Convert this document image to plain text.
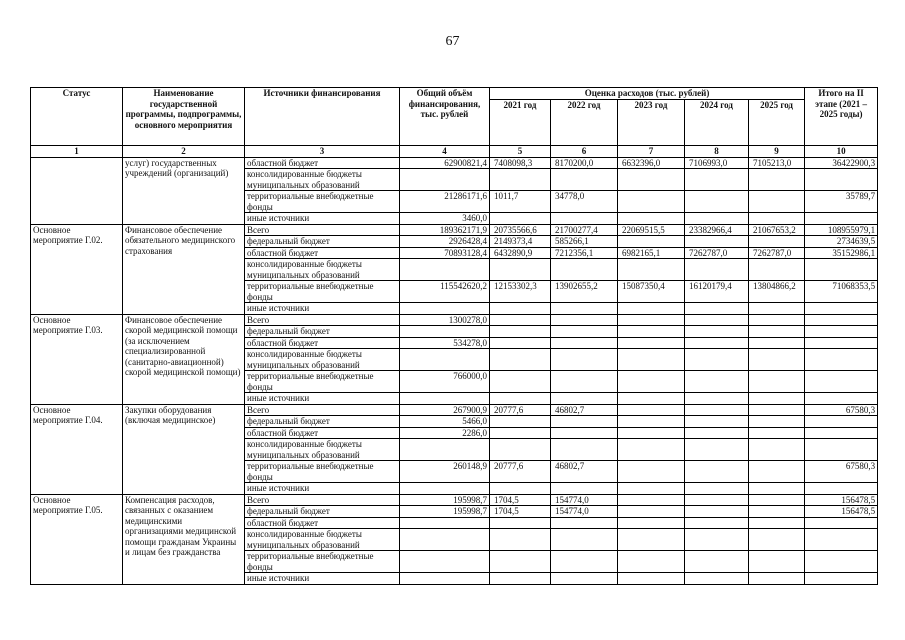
67
Статус	Наименование государственной программы, подпрограммы, основного мероприятия	Источники финансирования	Общий объём финансирования, тыс. рублей	Оценка расходов (тыс. рублей)					Итого на II этапе (2021 – 2025 годы)
				2021 год	2022 год	2023 год	2024 год	2025 год	
1	2	3	4	5	6	7	8	9	10
	услуг) государственных учреждений (организаций)	областной бюджет	62900821,4	7408098,3	8170200,0	6632396,0	7106993,0	7105213,0	36422900,3
		консолидированные бюджеты муниципальных образований							
		территориальные внебюджетные фонды	21286171,6	1011,7	34778,0				35789,7
		иные источники	3460,0						
Основное мероприятие Г.02.	Финансовое обеспечение обязательного медицинского страхования	Всего	189362171,9	20735566,6	21700277,4	22069515,5	23382966,4	21067653,2	108955979,1
		федеральный бюджет	2926428,4	2149373,4	585266,1				2734639,5
		областной бюджет	70893128,4	6432890,9	7212356,1	6982165,1	7262787,0	7262787,0	35152986,1
		консолидированные бюджеты муниципальных образований							
		территориальные внебюджетные фонды	115542620,2	12153302,3	13902655,2	15087350,4	16120179,4	13804866,2	71068353,5
		иные источники							
Основное мероприятие Г.03.	Финансовое обеспечение скорой медицинской помощи (за исключением специализированной (санитарно-авиационной) скорой медицинской помощи)	Всего	1300278,0						
		федеральный бюджет							
		областной бюджет	534278,0						
		консолидированные бюджеты муниципальных образований							
		территориальные внебюджетные фонды	766000,0						
		иные источники							
Основное мероприятие Г.04.	Закупки оборудования (включая медицинское)	Всего	267900,9	20777,6	46802,7				67580,3
		федеральный бюджет	5466,0						
		областной бюджет	2286,0						
		консолидированные бюджеты муниципальных образований							
		территориальные внебюджетные фонды	260148,9	20777,6	46802,7				67580,3
		иные источники							
Основное мероприятие Г.05.	Компенсация расходов, связанных с оказанием медицинскими организациями медицинской помощи гражданам Украины и лицам без гражданства	Всего	195998,7	1704,5	154774,0				156478,5
		федеральный бюджет	195998,7	1704,5	154774,0				156478,5
		областной бюджет							
		консолидированные бюджеты муниципальных образований							
		территориальные внебюджетные фонды							
		иные источники							
